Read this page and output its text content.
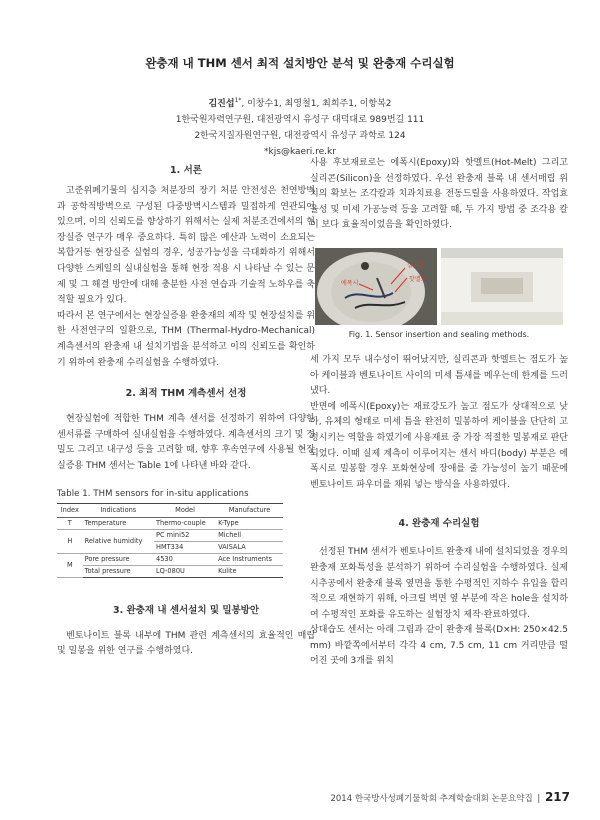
완충재 내 THM 센서 최적 설치방안 분석 및 완충재 수리실험
김진섭$^{1*}$, 이창수1, 최영철1, 최희주1, 이항복2
1한국원자력연구원, 대전광역시 유성구 대덕대로 989번길 111
2한국지질자원연구원, 대전광역시 유성구 과학로 124
*kjs@kaeri.re.kr

1. 서론

고준위폐기물의 심지층 처분장의 장기 처분 안전성은 천연방벽과 공학적방벽으로 구성된 다중방벽시스템과 밀접하게 연관되어 있으며, 이의 신뢰도를 향상하기 위해서는 실제 처분조건에서의 현장실증 연구가 매우 중요하다. 특히 많은 예산과 노력이 소요되는 복합거동 현장실증 실험의 경우, 성공가능성을 극대화하기 위해서 다양한 스케일의 실내실험을 통해 현장 적용 시 나타날 수 있는 문제 및 그 해결 방안에 대해 충분한 사전 연습과 기술적 노하우를 축적할 필요가 있다.

따라서 본 연구에서는 현장실증용 완충재의 제작 및 현장설치를 위한 사전연구의 일환으로, THM (Thermal-Hydro-Mechanical) 계측센서의 완충재 내 설치기법을 분석하고 이의 신뢰도를 확인하기 위하여 완충재 수리실험을 수행하였다.

2. 최적 THM 계측센서 선정

현장실험에 적합한 THM 계측 센서를 선정하기 위하여 다양한 센서류를 구매하여 실내실험을 수행하였다. 계측센서의 크기 및 정밀도 그리고 내구성 등을 고려할 때, 향후 후속연구에 사용될 현장실증용 THM 센서는 Table 1에 나타낸 바와 같다.

Table 1. THM sensors for in-situ applications

Index	Indications	Model	Manufacture
T	Temperature	Thermo-couple	K-Type
H	Relative humidity	PC mini52	Michell
		HMT334	VAISALA
M	Pore pressure	4530	Ace Instruments
	Total pressure	LQ-080U	Kulite

3. 완충재 내 센서설치 및 밀봉방안

벤토나이트 블록 내부에 THM 관련 계측센서의 효율적인 매립 및 밀봉을 위한 연구를 수행하였다.

사용 후보재료로는 에폭시(Epoxy)와 핫멜트(Hot-Melt) 그리고 실리콘(Silicon)을 선정하였다. 우선 완충재 블록 내 센서매립 위치의 확보는 조각칼과 치과치료용 전동드릴을 사용하였다. 작업효율성 및 미세 가공능력 등을 고려할 때, 두 가지 방법 중 조각용 칼이 보다 효율적이었음을 확인하였다.

실리콘
핫멜트
에폭시

Fig. 1. Sensor insertion and sealing methods.

세 가지 모두 내수성이 뛰어났지만, 실리콘과 핫멜트는 점도가 높아 케이블과 벤토나이트 사이의 미세 틈새를 메우는데 한계를 드러냈다.

반면에 에폭시(Epoxy)는 재료강도가 높고 점도가 상대적으로 낮아, 유체의 형태로 미세 틈을 완전히 밀봉하여 케이블을 단단히 고정시키는 역할을 하였기에 사용재료 중 가장 적절한 밀봉재로 판단되었다. 이때 실제 계측이 이루어지는 센서 바디(body) 부분은 에폭시로 밀봉할 경우 포화현상에 장애를 줄 가능성이 높기 때문에 벤토나이트 파우더를 채워 넣는 방식을 사용하였다.

4. 완충재 수리실험

선정된 THM 센서가 벤토나이트 완충재 내에 설치되었을 경우의 완충재 포화특성을 분석하기 위하여 수리실험을 수행하였다. 실제 시추공에서 완충재 블록 옆면을 통한 수평적인 지하수 유입을 합리적으로 재현하기 위해, 아크릴 벽면 옆 부분에 작은 hole을 설치하여 수평적인 포화를 유도하는 실험장치 제작·완료하였다.

상대습도 센서는 아래 그림과 같이 완충재 블록(D×H: 250×42.5 mm) 바깥쪽에서부터 각각 4 cm, 7.5 cm, 11 cm 거리만큼 떨어진 곳에 3개를 위치

2014 한국방사성폐기물학회 추계학술대회 논문요약집 | 217
